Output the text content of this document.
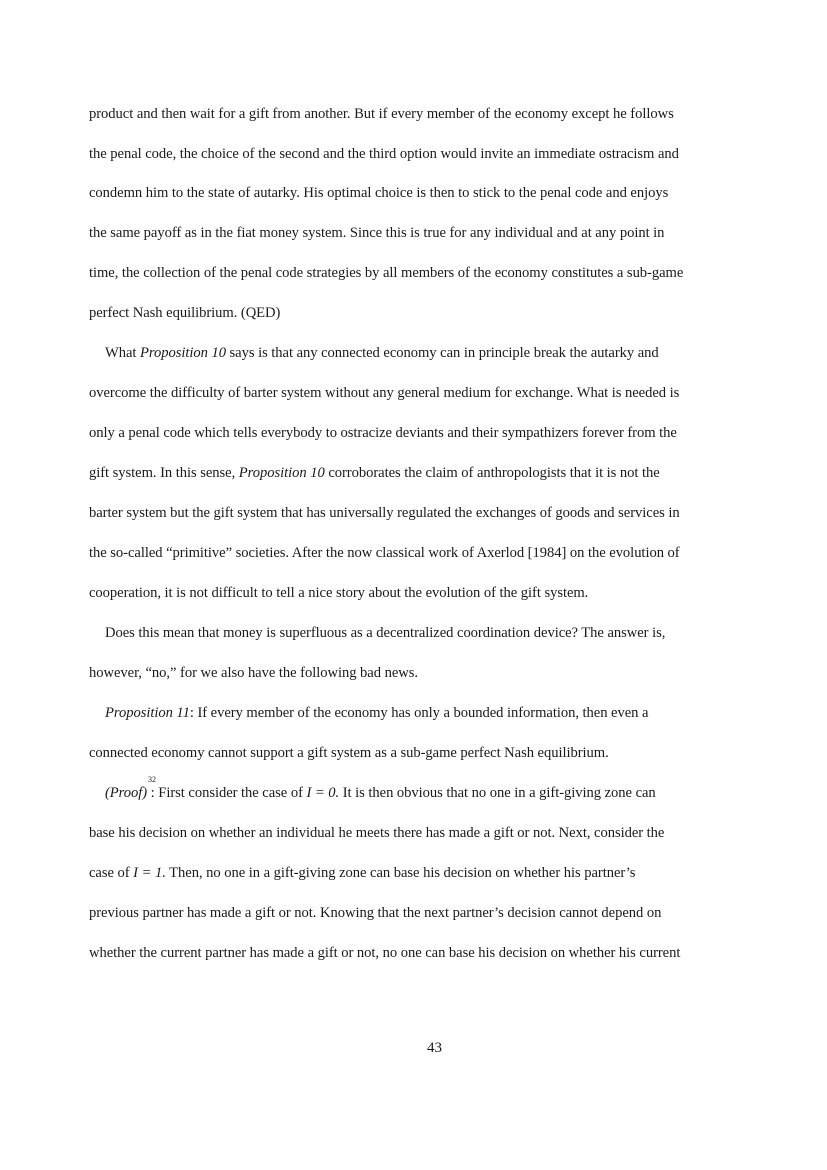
product and then wait for a gift from another. But if every member of the economy except he follows
the penal code, the choice of the second and the third option would invite an immediate ostracism and
condemn him to the state of autarky. His optimal choice is then to stick to the penal code and enjoys
the same payoff as in the fiat money system. Since this is true for any individual and at any point in
time, the collection of the penal code strategies by all members of the economy constitutes a sub-game
perfect Nash equilibrium. (QED)
What Proposition 10 says is that any connected economy can in principle break the autarky and
overcome the difficulty of barter system without any general medium for exchange. What is needed is
only a penal code which tells everybody to ostracize deviants and their sympathizers forever from the
gift system. In this sense, Proposition 10 corroborates the claim of anthropologists that it is not the
barter system but the gift system that has universally regulated the exchanges of goods and services in
the so-called “primitive” societies. After the now classical work of Axerlod [1984] on the evolution of
cooperation, it is not difficult to tell a nice story about the evolution of the gift system.
Does this mean that money is superfluous as a decentralized coordination device? The answer is,
however, “no,” for we also have the following bad news.
Proposition 11: If every member of the economy has only a bounded information, then even a
connected economy cannot support a gift system as a sub-game perfect Nash equilibrium.
32
(Proof) : First consider the case of I = 0. It is then obvious that no one in a gift-giving zone can
base his decision on whether an individual he meets there has made a gift or not. Next, consider the
case of I = 1. Then, no one in a gift-giving zone can base his decision on whether his partner’s
previous partner has made a gift or not. Knowing that the next partner’s decision cannot depend on
whether the current partner has made a gift or not, no one can base his decision on whether his current
43
